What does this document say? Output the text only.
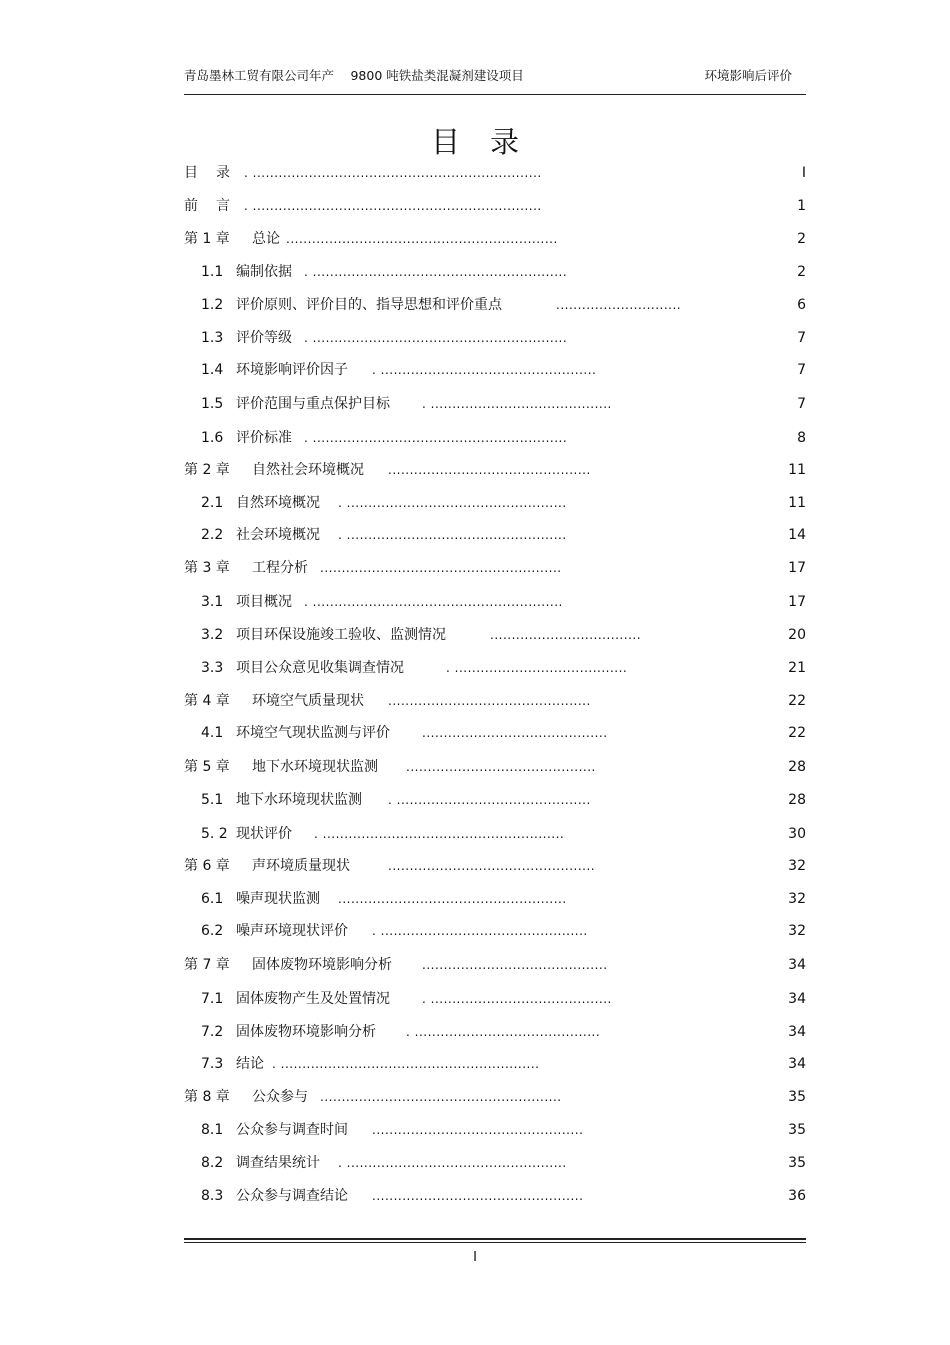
青岛墨林工贸有限公司年产　 9800 吨铁盐类混凝剂建设项目	环境影响后评价
目录
目 录 . ...................................................................	I
前 言 . ...................................................................	1
第 1 章 总论 ...............................................................	2
1.1 编制依据 . ...........................................................	2
1.2 评价原则、评价目的、指导思想和评价重点	.............................	6
1.3 评价等级 . ...........................................................	7
1.4 环境影响评价因子 . ..................................................	7
1.5 评价范围与重点保护目标	. ..........................................	7
1.6 评价标准 . ...........................................................	8
第 2 章 自然社会环境概况 ...............................................	11
2.1 自然环境概况 . ...................................................	11
2.2 社会环境概况 . ...................................................	14
第 3 章 工程分析 ........................................................	17
3.1 项目概况 . ..........................................................	17
3.2 项目环保设施竣工验收、监测情况	...................................	20
3.3 项目公众意见收集调查情况	. ........................................	21
第 4 章 环境空气质量现状 ...............................................	22
4.1 环境空气现状监测与评价	...........................................	22
第 5 章 地下水环境现状监测 ............................................	28
5.1 地下水环境现状监测 . .............................................	28
5. 2 现状评价 . ........................................................	30
第 6 章 声环境质量现状	................................................	32
6.1 噪声现状监测 .....................................................	32
6.2 噪声环境现状评价 . ................................................	32
第 7 章 固体废物环境影响分析	...........................................	34
7.1 固体废物产生及处置情况	. ..........................................	34
7.2 固体废物环境影响分析	. ...........................................	34
7.3 结论 . ............................................................	34
第 8 章 公众参与 ........................................................	35
8.1 公众参与调查时间 .................................................	35
8.2 调查结果统计 . ...................................................	35
8.3 公众参与调查结论 .................................................	36
I
